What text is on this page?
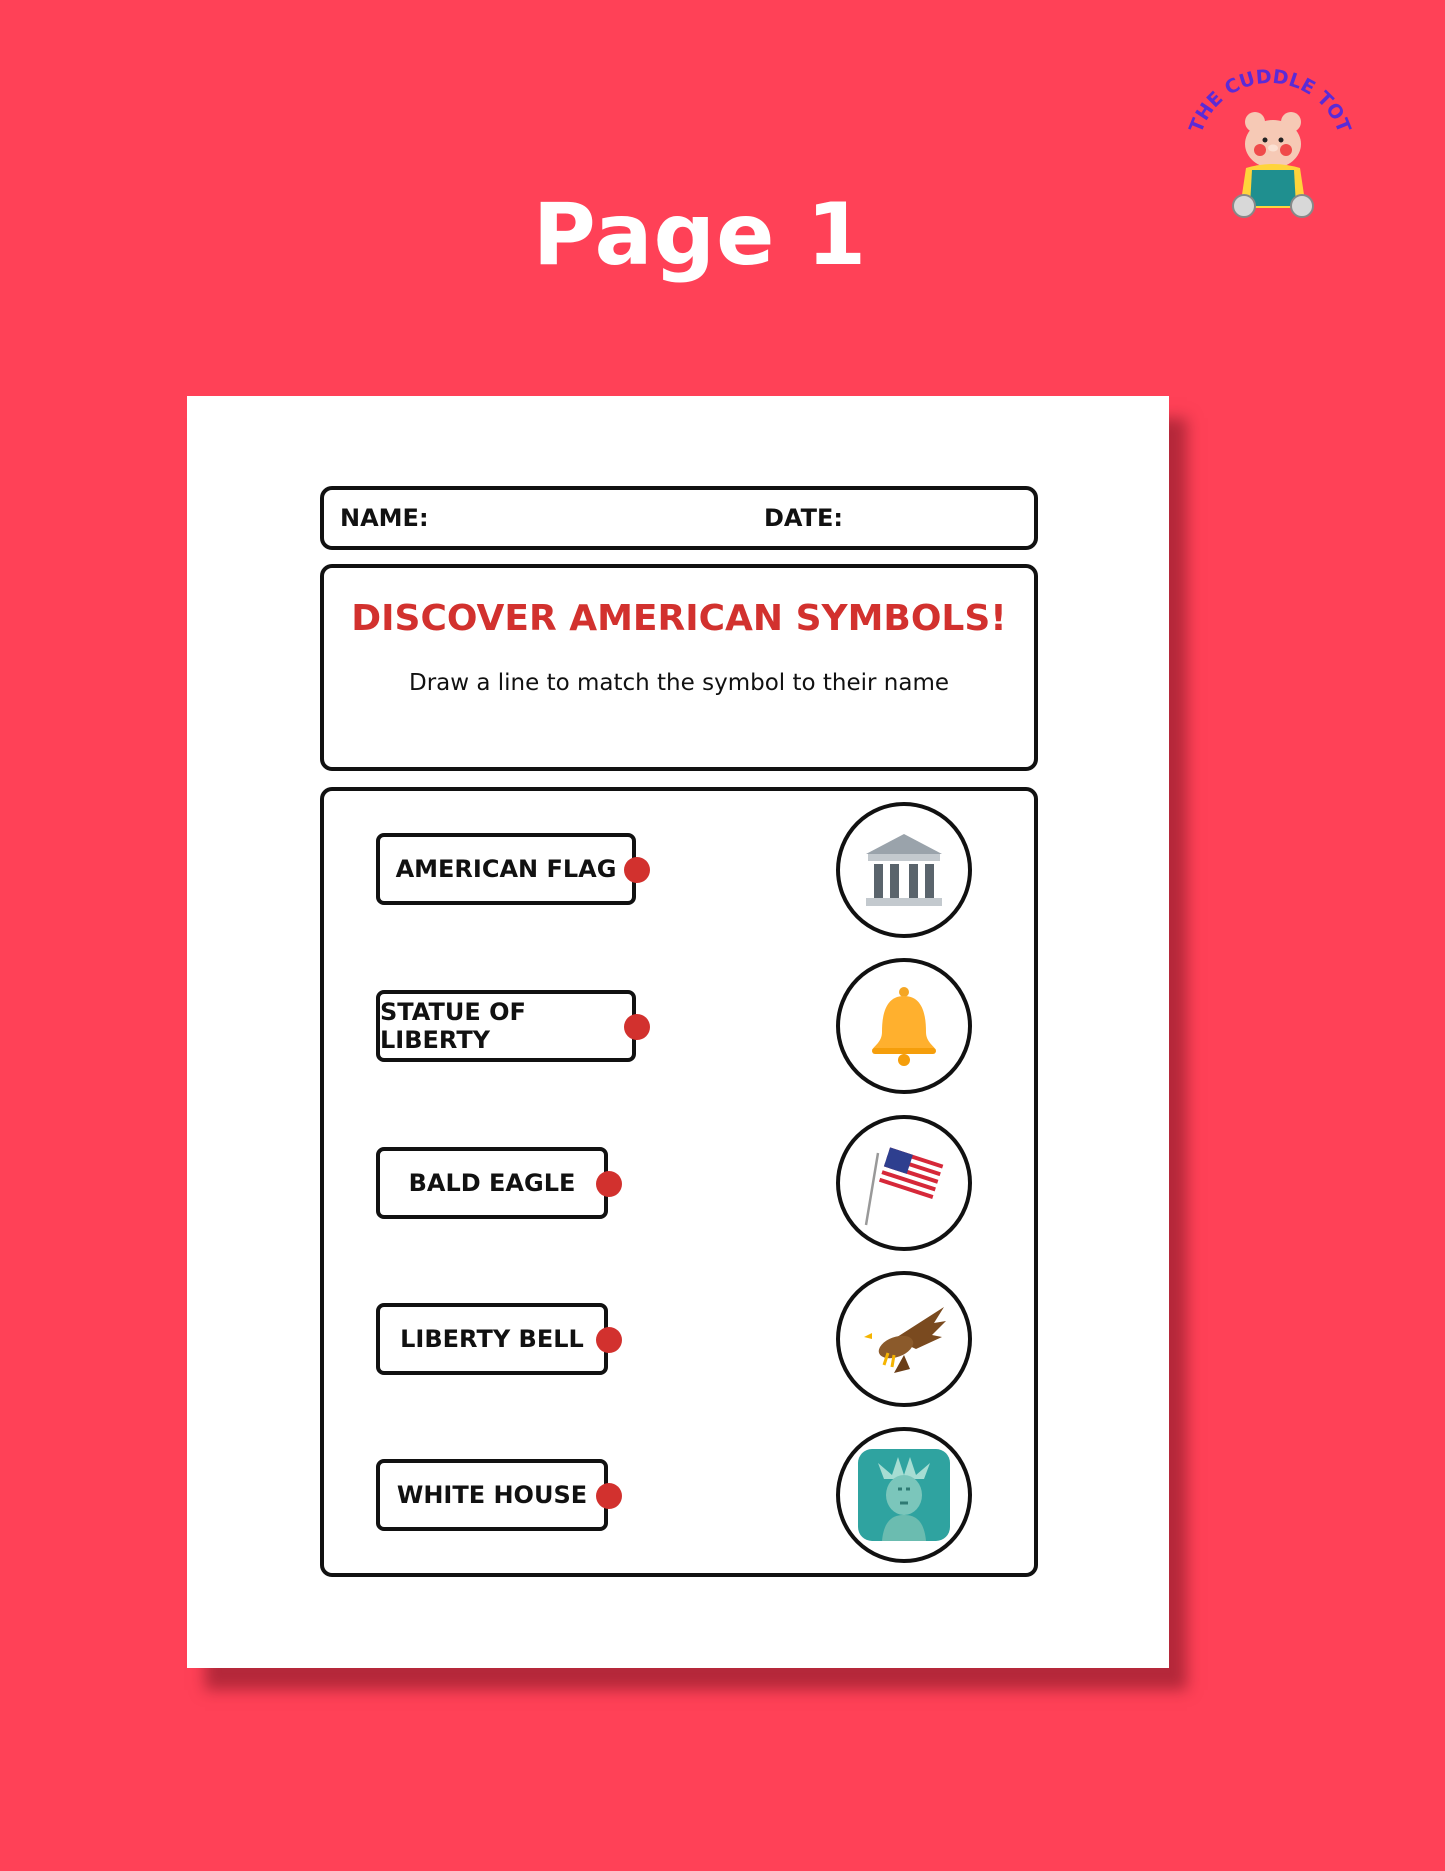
Page 1
THE CUDDLE TOT
NAME:	DATE:
DISCOVER AMERICAN SYMBOLS!
Draw a line to match the symbol to their name
AMERICAN FLAG
STATUE OF LIBERTY
BALD EAGLE
LIBERTY BELL
WHITE HOUSE
